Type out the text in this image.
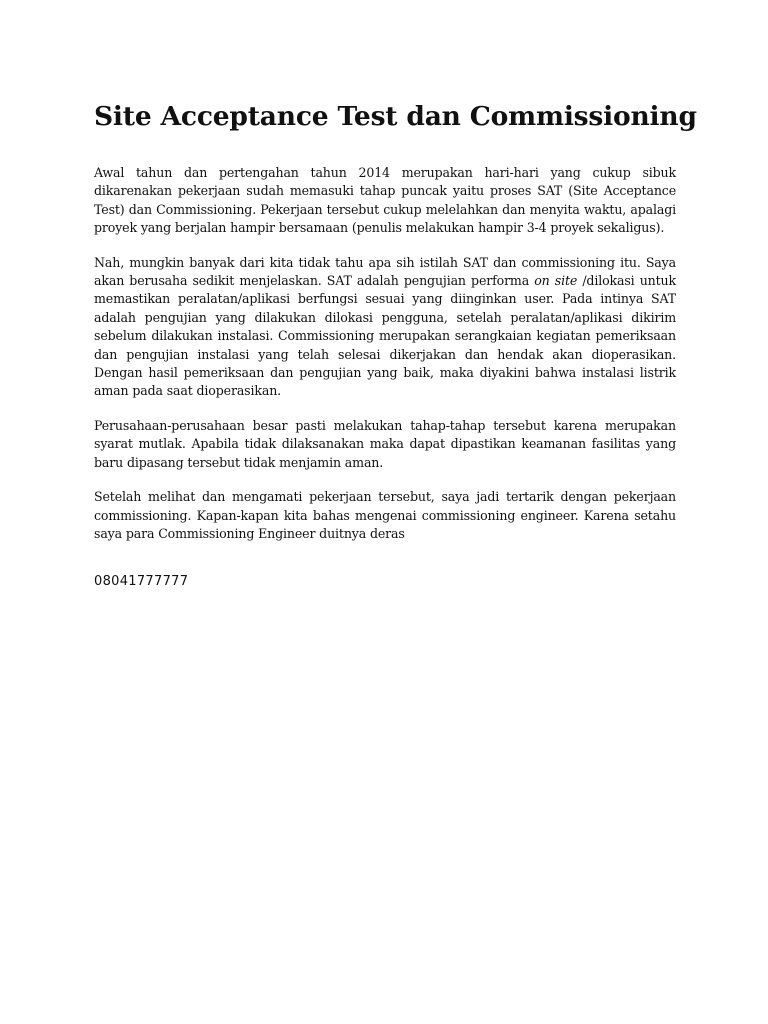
Site Acceptance Test dan Commissioning

Awal tahun dan pertengahan tahun 2014 merupakan hari-hari yang cukup sibuk dikarenakan pekerjaan sudah memasuki tahap puncak yaitu proses SAT (Site Acceptance Test) dan Commissioning. Pekerjaan tersebut cukup melelahkan dan menyita waktu, apalagi proyek yang berjalan hampir bersamaan (penulis melakukan hampir 3-4 proyek sekaligus).

Nah, mungkin banyak dari kita tidak tahu apa sih istilah SAT dan commissioning itu. Saya akan berusaha sedikit menjelaskan. SAT adalah pengujian performa on site /dilokasi untuk memastikan peralatan/aplikasi berfungsi sesuai yang diinginkan user. Pada intinya SAT adalah pengujian yang dilakukan dilokasi pengguna, setelah peralatan/aplikasi dikirim sebelum dilakukan instalasi. Commissioning merupakan serangkaian kegiatan pemeriksaan dan pengujian instalasi yang telah selesai dikerjakan dan hendak akan dioperasikan. Dengan hasil pemeriksaan dan pengujian yang baik, maka diyakini bahwa instalasi listrik aman pada saat dioperasikan.

Perusahaan-perusahaan besar pasti melakukan tahap-tahap tersebut karena merupakan syarat mutlak. Apabila tidak dilaksanakan maka dapat dipastikan keamanan fasilitas yang baru dipasang tersebut tidak menjamin aman.

Setelah melihat dan mengamati pekerjaan tersebut, saya jadi tertarik dengan pekerjaan commissioning. Kapan-kapan kita bahas mengenai commissioning engineer. Karena setahu saya para Commissioning Engineer duitnya deras

08041777777
